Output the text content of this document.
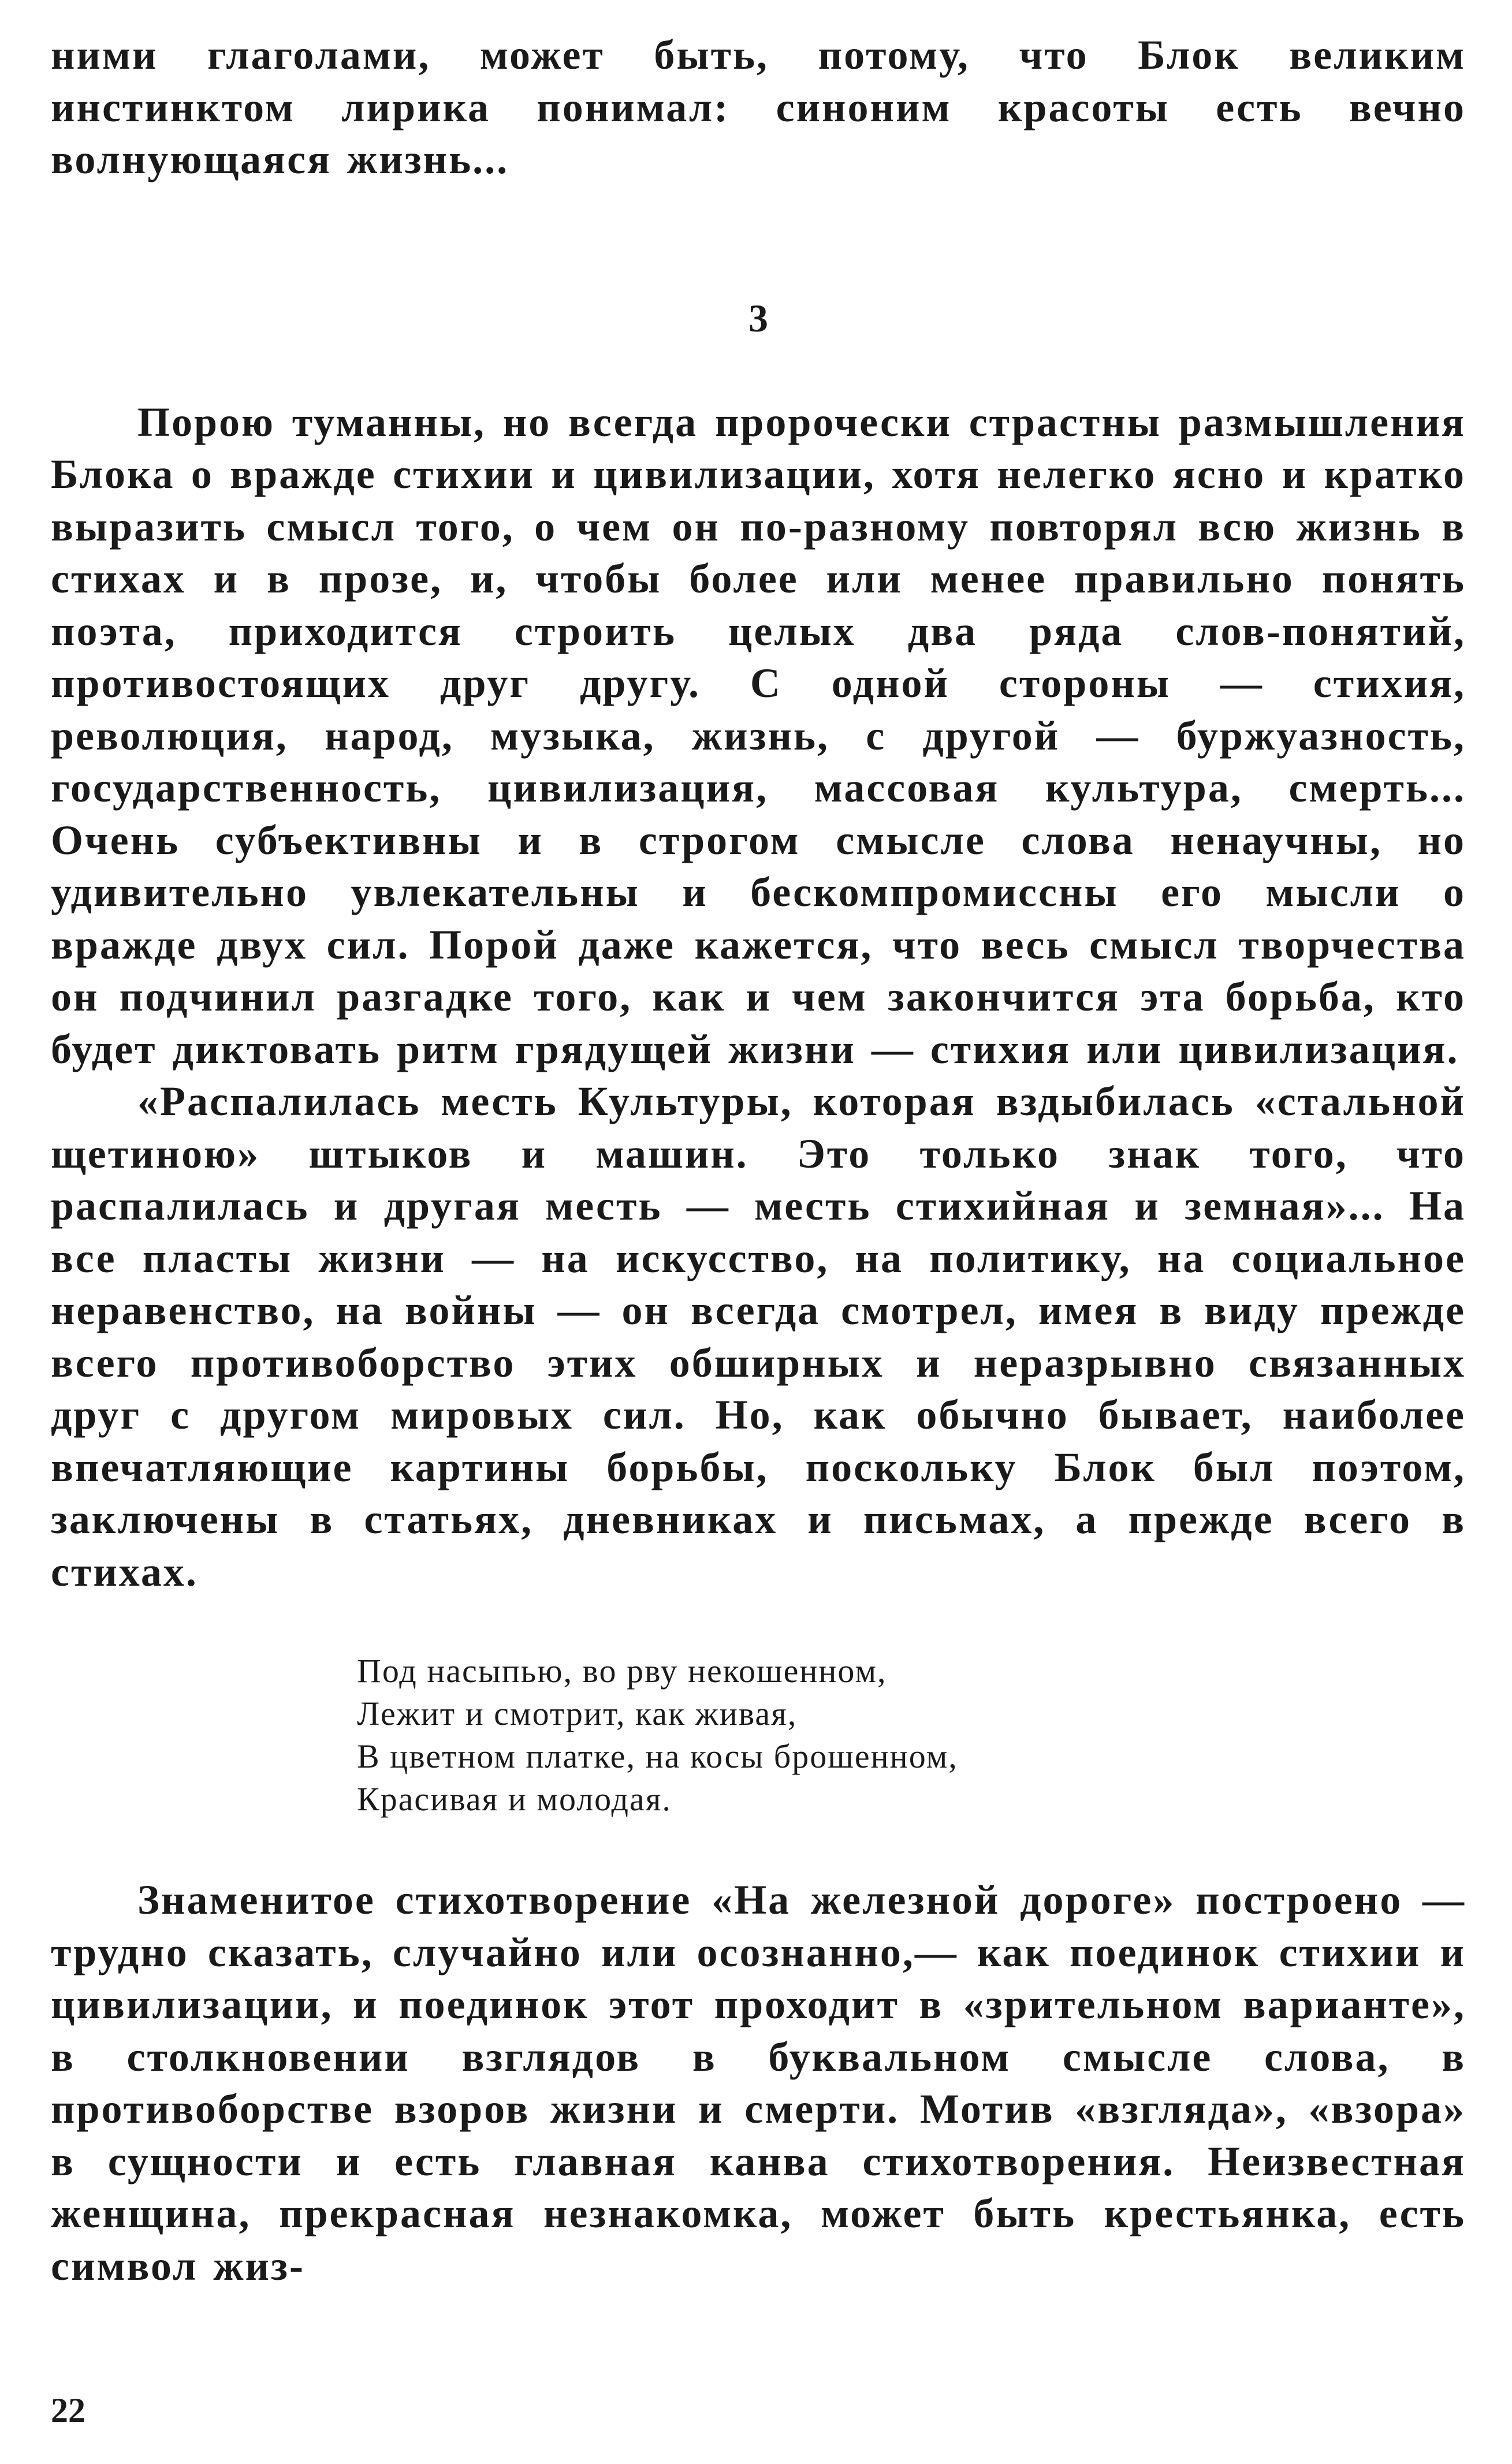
ними глаголами, может быть, потому, что Блок великим инстинктом лирика понимал: синоним красоты есть вечно волнующаяся жизнь...

3

Порою туманны, но всегда пророчески страстны размышления Блока о вражде стихии и цивилизации, хотя нелегко ясно и кратко выразить смысл того, о чем он по-разному повторял всю жизнь в стихах и в прозе, и, чтобы более или менее правильно понять поэта, приходится строить целых два ряда слов-понятий, противостоящих друг другу. С одной стороны — стихия, революция, народ, музыка, жизнь, с другой — буржуазность, государственность, цивилизация, массовая культура, смерть... Очень субъективны и в строгом смысле слова ненаучны, но удивительно увлекательны и бескомпромиссны его мысли о вражде двух сил. Порой даже кажется, что весь смысл творчества он подчинил разгадке того, как и чем закончится эта борьба, кто будет диктовать ритм грядущей жизни — стихия или цивилизация.

«Распалилась месть Культуры, которая вздыбилась «стальной щетиною» штыков и машин. Это только знак того, что распалилась и другая месть — месть стихийная и земная»... На все пласты жизни — на искусство, на политику, на социальное неравенство, на войны — он всегда смотрел, имея в виду прежде всего противоборство этих обширных и неразрывно связанных друг с другом мировых сил. Но, как обычно бывает, наиболее впечатляющие картины борьбы, поскольку Блок был поэтом, заключены в статьях, дневниках и письмах, а прежде всего в стихах.

Под насыпью, во рву некошенном,
Лежит и смотрит, как живая,
В цветном платке, на косы брошенном,
Красивая и молодая.

Знаменитое стихотворение «На железной дороге» построено — трудно сказать, случайно или осознанно,— как поединок стихии и цивилизации, и поединок этот проходит в «зрительном варианте», в столкновении взглядов в буквальном смысле слова, в противоборстве взоров жизни и смерти. Мотив «взгляда», «взора» в сущности и есть главная канва стихотворения. Неизвестная женщина, прекрасная незнакомка, может быть крестьянка, есть символ жиз-

22
